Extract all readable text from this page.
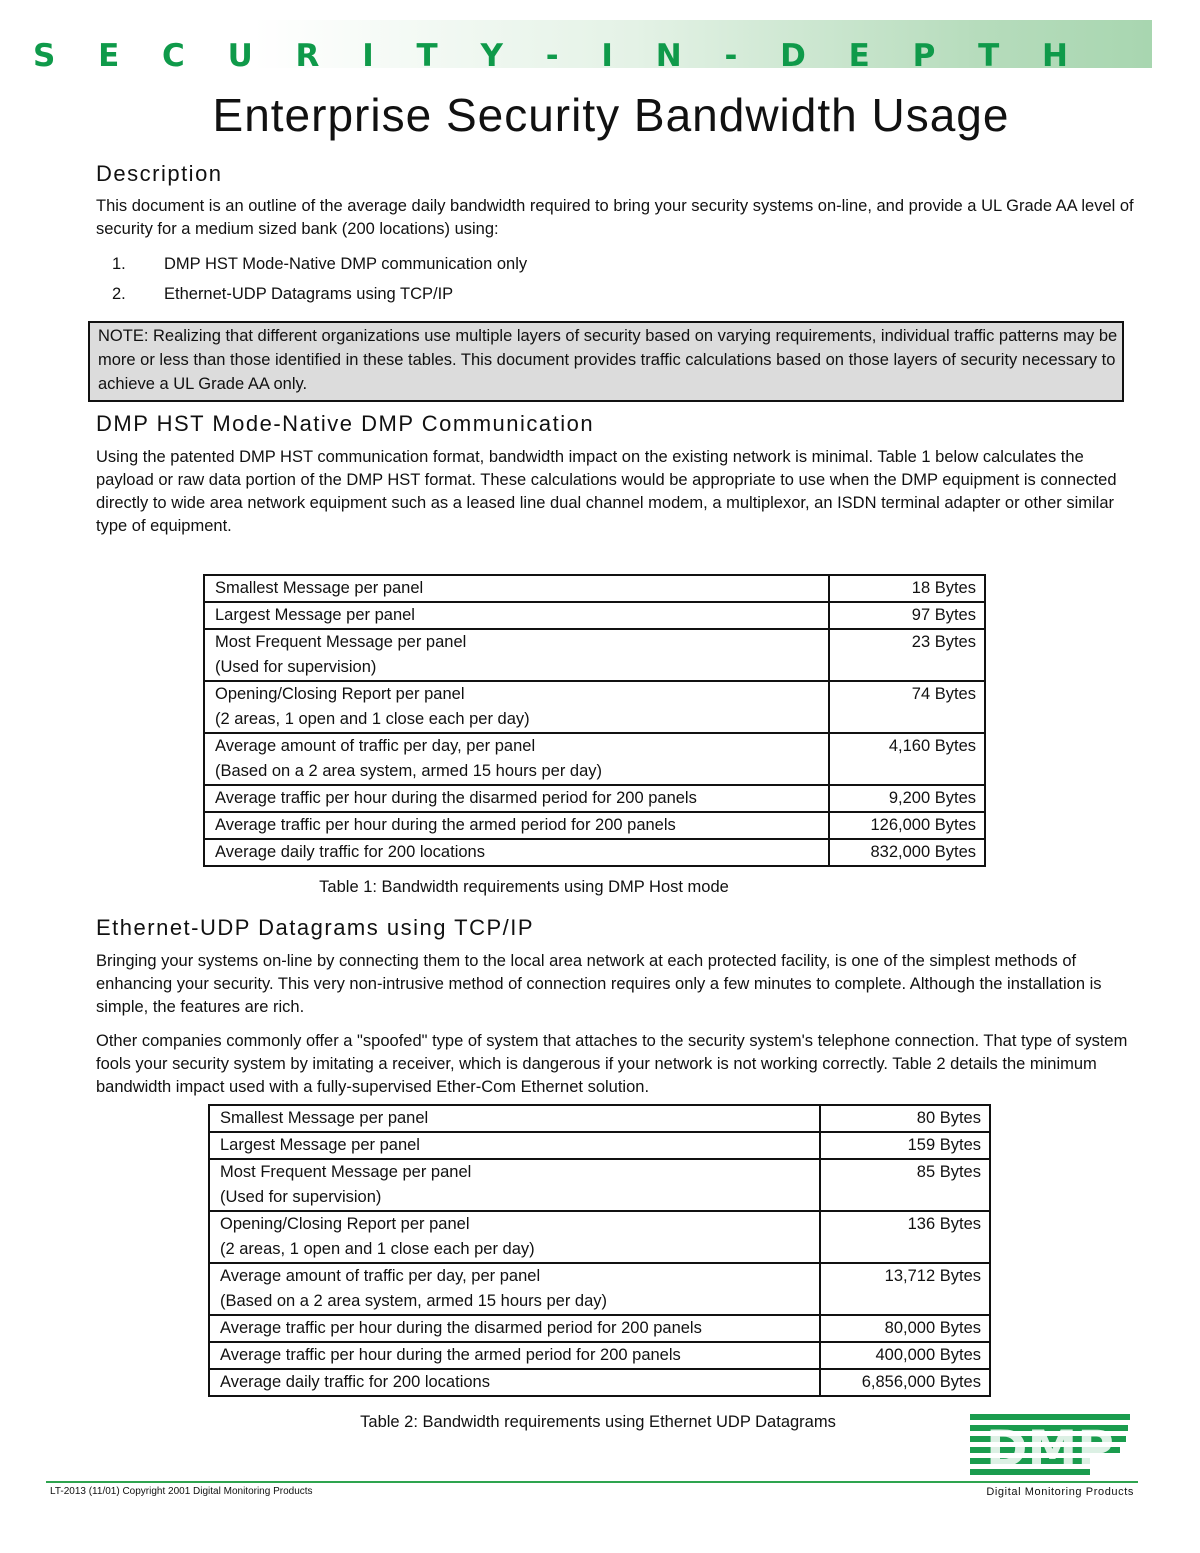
S E C U R I T Y - I N - D E P T H
Enterprise Security Bandwidth Usage
Description

This document is an outline of the average daily bandwidth required to bring your security systems on-line, and provide a UL Grade AA level of security for a medium sized bank (200 locations) using:

1. DMP HST Mode-Native DMP communication only
2. Ethernet-UDP Datagrams using TCP/IP
NOTE: Realizing that different organizations use multiple layers of security based on varying requirements, individual traffic patterns may be more or less than those identified in these tables. This document provides traffic calculations based on those layers of security necessary to achieve a UL Grade AA only.
DMP HST Mode-Native DMP Communication

Using the patented DMP HST communication format, bandwidth impact on the existing network is minimal. Table 1 below calculates the payload or raw data portion of the DMP HST format. These calculations would be appropriate to use when the DMP equipment is connected directly to wide area network equipment such as a leased line dual channel modem, a multiplexor, an ISDN terminal adapter or other similar type of equipment.

Smallest Message per panel	18 Bytes

Largest Message per panel	97 Bytes

Most Frequent Message per panel
(Used for supervision)	23 Bytes

Opening/Closing Report per panel
(2 areas, 1 open and 1 close each per day)	74 Bytes

Average amount of traffic per day, per panel
(Based on a 2 area system, armed 15 hours per day)	4,160 Bytes

Average traffic per hour during the disarmed period for 200 panels	9,200 Bytes

Average traffic per hour during the armed period for 200 panels	126,000 Bytes

Average daily traffic for 200 locations	832,000 Bytes
Table 1: Bandwidth requirements using DMP Host mode
Ethernet-UDP Datagrams using TCP/IP

Bringing your systems on-line by connecting them to the local area network at each protected facility, is one of the simplest methods of enhancing your security. This very non-intrusive method of connection requires only a few minutes to complete. Although the installation is simple, the features are rich.

Other companies commonly offer a "spoofed" type of system that attaches to the security system's telephone connection. That type of system fools your security system by imitating a receiver, which is dangerous if your network is not working correctly. Table 2 details the minimum bandwidth impact used with a fully-supervised Ether-Com Ethernet solution.

Smallest Message per panel	80 Bytes

Largest Message per panel	159 Bytes

Most Frequent Message per panel
(Used for supervision)	85 Bytes

Opening/Closing Report per panel
(2 areas, 1 open and 1 close each per day)	136 Bytes

Average amount of traffic per day, per panel
(Based on a 2 area system, armed 15 hours per day)	13,712 Bytes

Average traffic per hour during the disarmed period for 200 panels	80,000 Bytes

Average traffic per hour during the armed period for 200 panels	400,000 Bytes

Average daily traffic for 200 locations	6,856,000 Bytes
Table 2: Bandwidth requirements using Ethernet UDP Datagrams	DMP
LT-2013 (11/01) Copyright 2001 Digital Monitoring Products	Digital Monitoring Products
